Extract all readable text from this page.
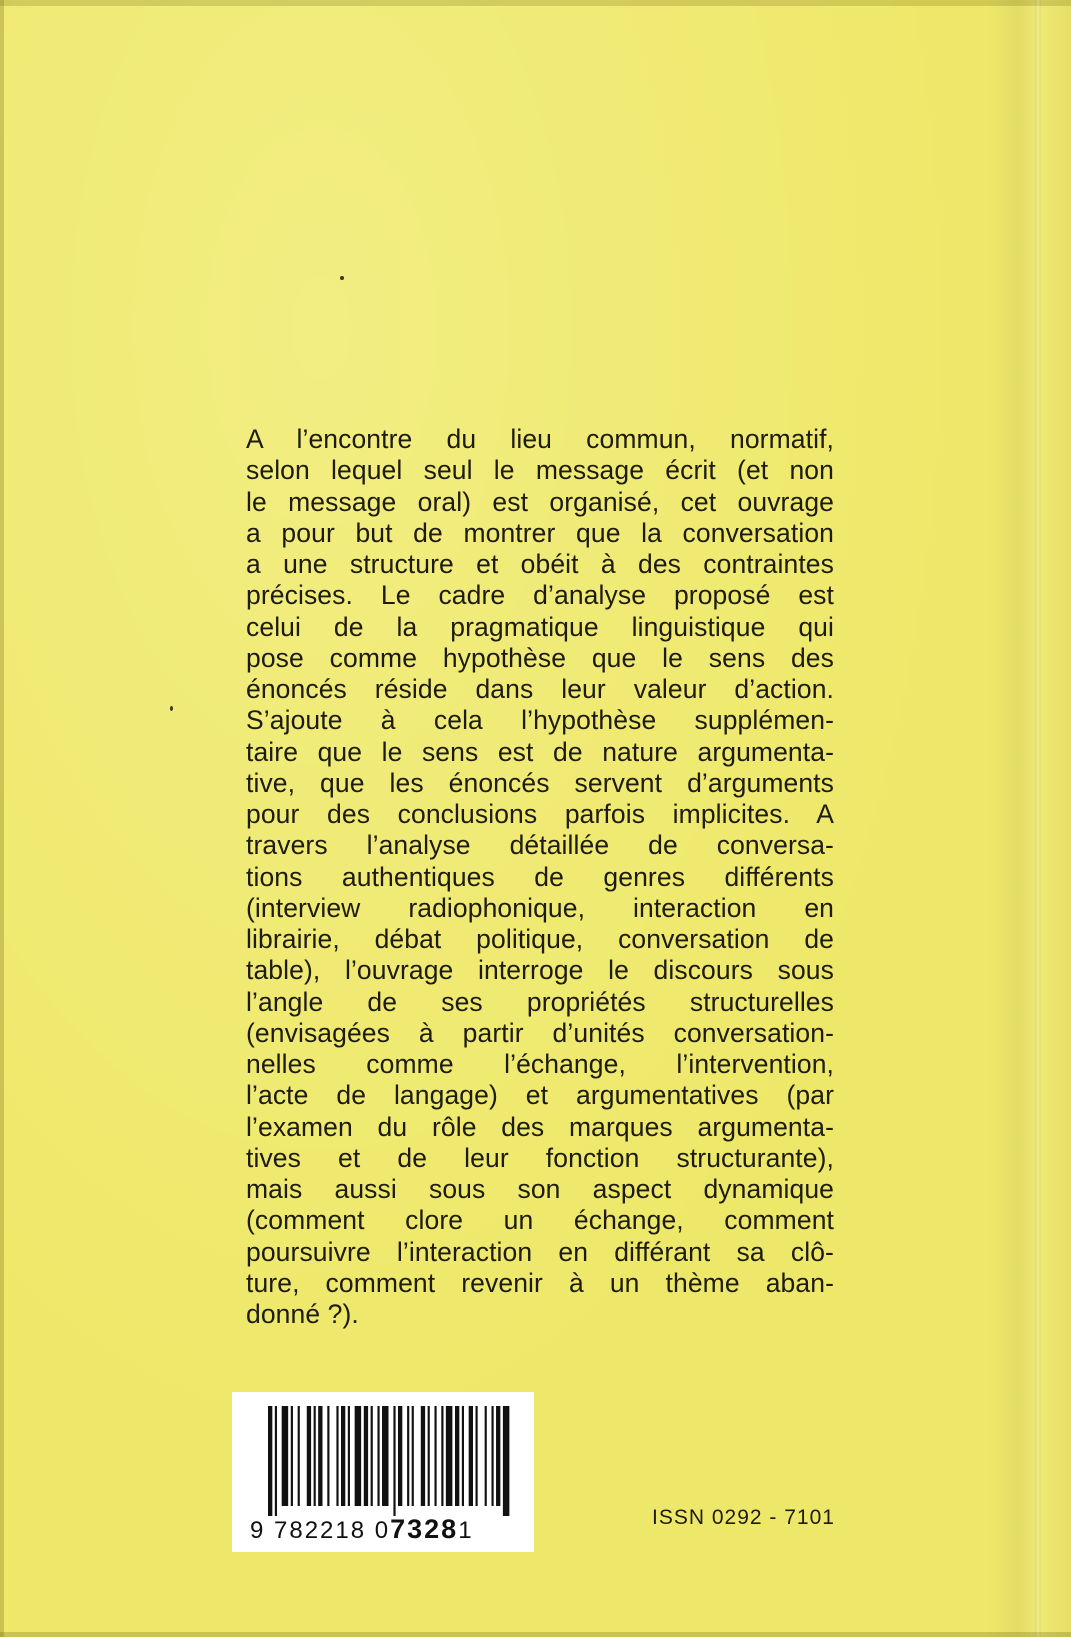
A l’encontre du lieu commun, normatif,
selon lequel seul le message écrit (et non
le message oral) est organisé, cet ouvrage
a pour but de montrer que la conversation
a une structure et obéit à des contraintes
précises. Le cadre d’analyse proposé est
celui de la pragmatique linguistique qui
pose comme hypothèse que le sens des
énoncés réside dans leur valeur d’action.
S’ajoute à cela l’hypothèse supplémen-
taire que le sens est de nature argumenta-
tive, que les énoncés servent d’arguments
pour des conclusions parfois implicites. A
travers l’analyse détaillée de conversa-
tions authentiques de genres différents
(interview radiophonique, interaction en
librairie, débat politique, conversation de
table), l’ouvrage interroge le discours sous
l’angle de ses propriétés structurelles
(envisagées à partir d’unités conversation-
nelles comme l’échange, l’intervention,
l’acte de langage) et argumentatives (par
l’examen du rôle des marques argumenta-
tives et de leur fonction structurante),
mais aussi sous son aspect dynamique
(comment clore un échange, comment
poursuivre l’interaction en différant sa clô-
ture, comment revenir à un thème aban-
donné ?).
9 782218 073281	ISSN 0292 - 7101
